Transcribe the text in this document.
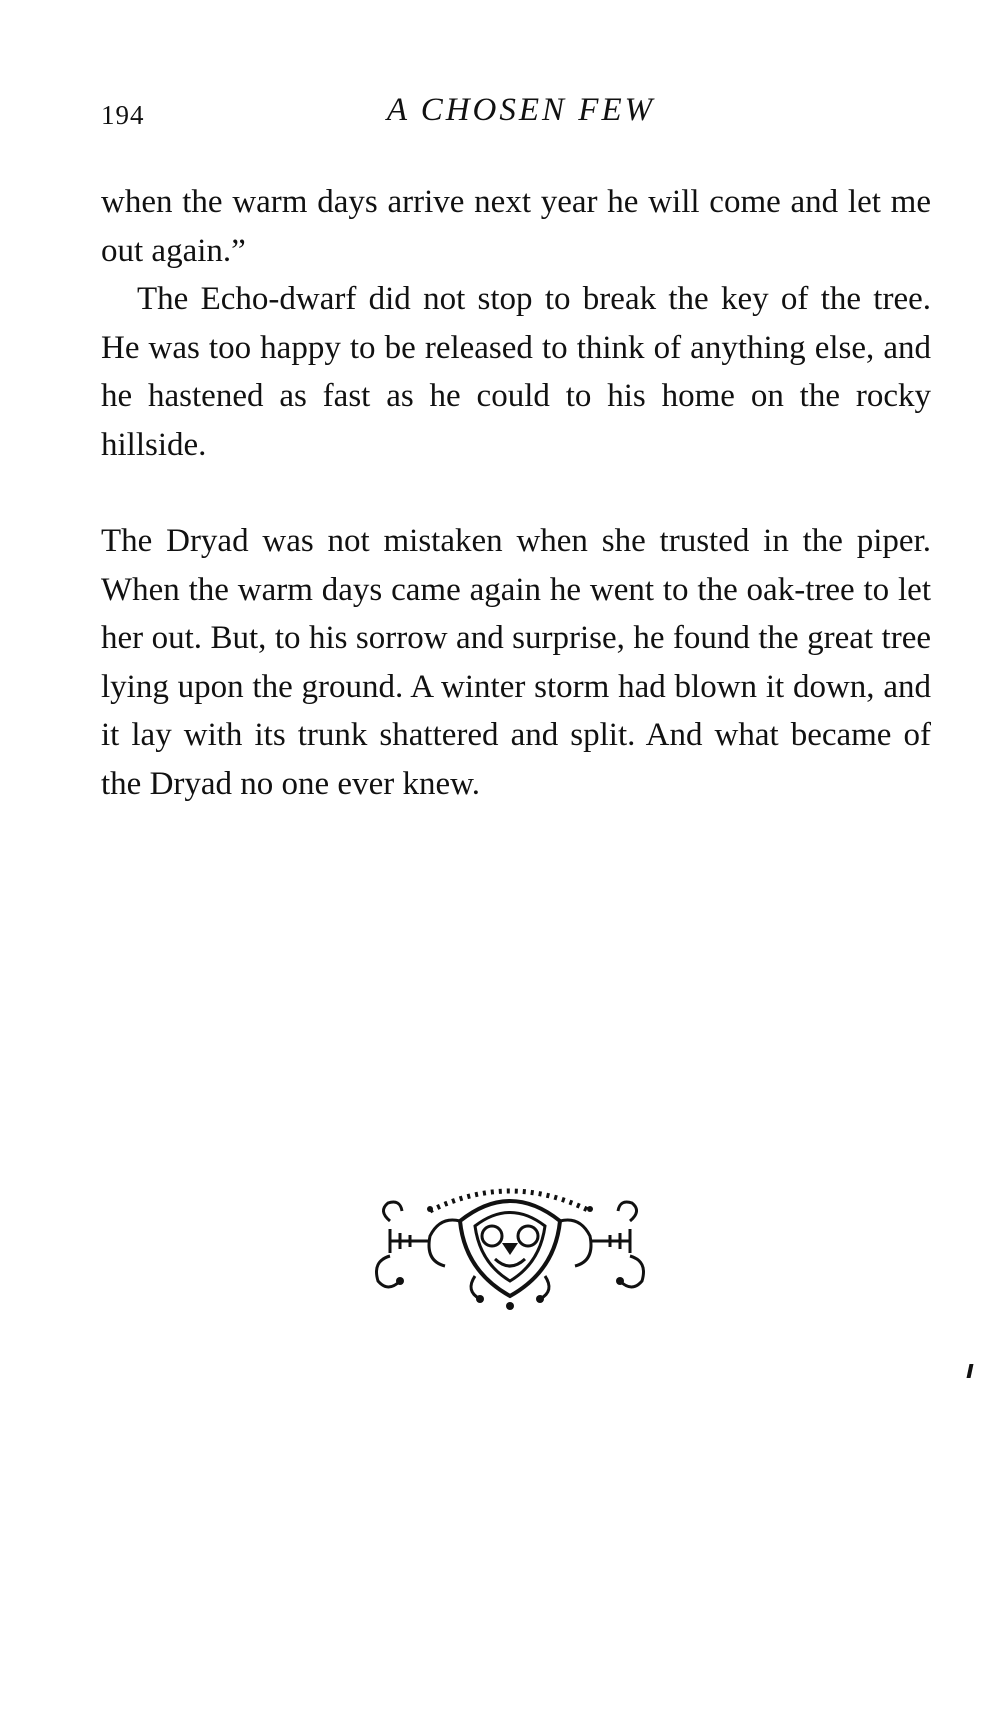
194	A CHOSEN FEW

when the warm days arrive next year he will come and let me out again.”

The Echo-dwarf did not stop to break the key of the tree. He was too happy to be released to think of anything else, and he hastened as fast as he could to his home on the rocky hillside.

The Dryad was not mistaken when she trusted in the piper. When the warm days came again he went to the oak-tree to let her out. But, to his sorrow and surprise, he found the great tree lying upon the ground. A winter storm had blown it down, and it lay with its trunk shattered and split. And what became of the Dryad no one ever knew.
